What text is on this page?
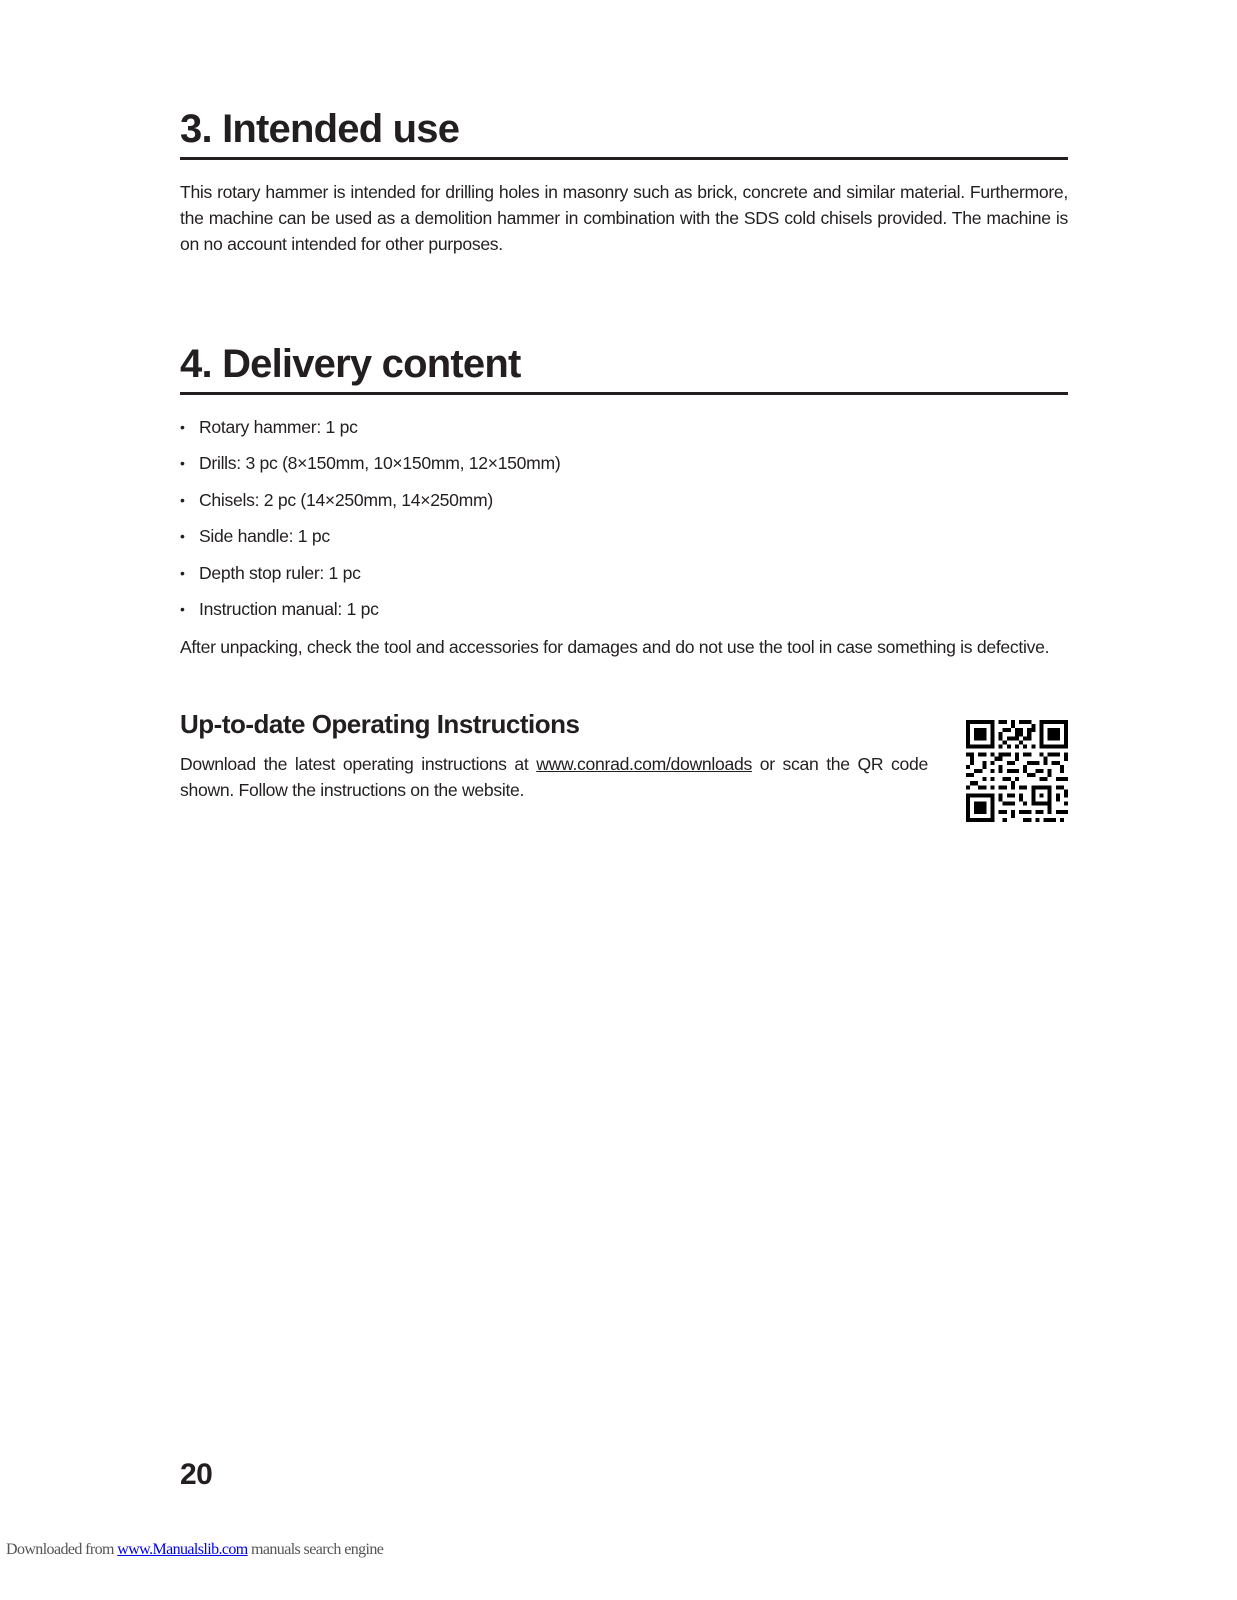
3. Intended use

This rotary hammer is intended for drilling holes in masonry such as brick, concrete and similar material. Furthermore, the machine can be used as a demolition hammer in combination with the SDS cold chisels provided. The machine is on no account intended for other purposes.

4. Delivery content
• Rotary hammer: 1 pc
• Drills: 3 pc (8×150mm, 10×150mm, 12×150mm)
• Chisels: 2 pc (14×250mm, 14×250mm)
• Side handle: 1 pc
• Depth stop ruler: 1 pc
• Instruction manual: 1 pc

After unpacking, check the tool and accessories for damages and do not use the tool in case something is defective.

Up-to-date Operating Instructions

Download the latest operating instructions at www.conrad.com/downloads or scan the QR code shown. Follow the instructions on the website.

20

Downloaded from www.Manualslib.com manuals search engine
